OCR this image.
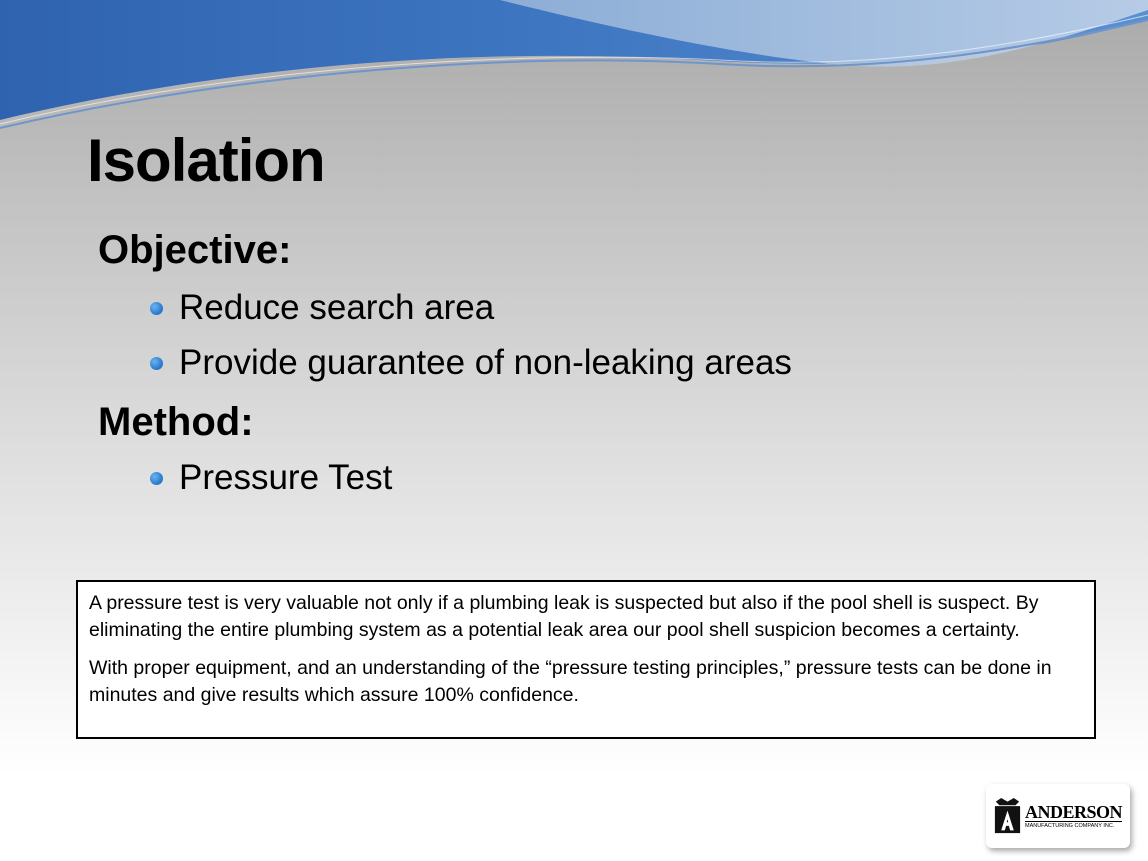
Isolation
Objective:
Reduce search area
Provide guarantee of non-leaking areas
Method:
Pressure Test

A pressure test is very valuable not only if a plumbing leak is suspected but also if the pool shell is suspect. By eliminating the entire plumbing system as a potential leak area our pool shell suspicion becomes a certainty.

With proper equipment, and an understanding of the “pressure testing principles,” pressure tests can be done in minutes and give results which assure 100% confidence.

ANDERSON
MANUFACTURING COMPANY INC.
